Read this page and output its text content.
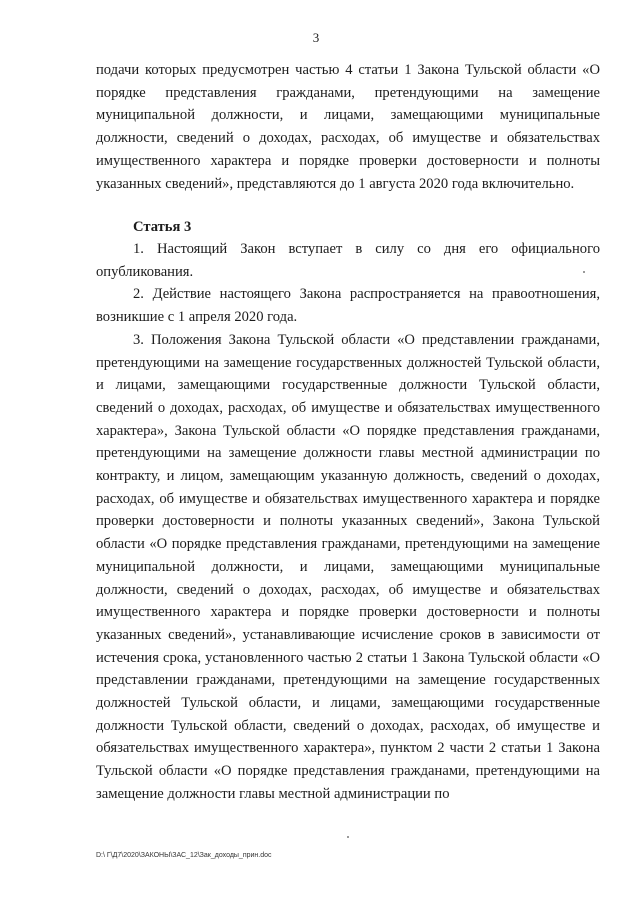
3

подачи которых предусмотрен частью 4 статьи 1 Закона Тульской области «О порядке представления гражданами, претендующими на замещение муниципальной должности, и лицами, замещающими муниципальные должности, сведений о доходах, расходах, об имуществе и обязательствах имущественного характера и порядке проверки достоверности и полноты указанных сведений», представляются до 1 августа 2020 года включительно.

Статья 3

1. Настоящий Закон вступает в силу со дня его официального опубликования.

2. Действие настоящего Закона распространяется на правоотношения, возникшие с 1 апреля 2020 года.

3. Положения Закона Тульской области «О представлении гражданами, претендующими на замещение государственных должностей Тульской области, и лицами, замещающими государственные должности Тульской области, сведений о доходах, расходах, об имуществе и обязательствах имущественного характера», Закона Тульской области «О порядке представления гражданами, претендующими на замещение должности главы местной администрации по контракту, и лицом, замещающим указанную должность, сведений о доходах, расходах, об имуществе и обязательствах имущественного характера и порядке проверки достоверности и полноты указанных сведений», Закона Тульской области «О порядке представления гражданами, претендующими на замещение муниципальной должности, и лицами, замещающими муниципальные должности, сведений о доходах, расходах, об имуществе и обязательствах имущественного характера и порядке проверки достоверности и полноты указанных сведений», устанавливающие исчисление сроков в зависимости от истечения срока, установленного частью 2 статьи 1 Закона Тульской области «О представлении гражданами, претендующими на замещение государственных должностей Тульской области, и лицами, замещающими государственные должности Тульской области, сведений о доходах, расходах, об имуществе и обязательствах имущественного характера», пунктом 2 части 2 статьи 1 Закона Тульской области «О порядке представления гражданами, претендующими на замещение должности главы местной администрации по

D:\ Г\Д7\2020\ЗАКОНЫ\ЗАС_12\Зак_доходы_прин.doc
